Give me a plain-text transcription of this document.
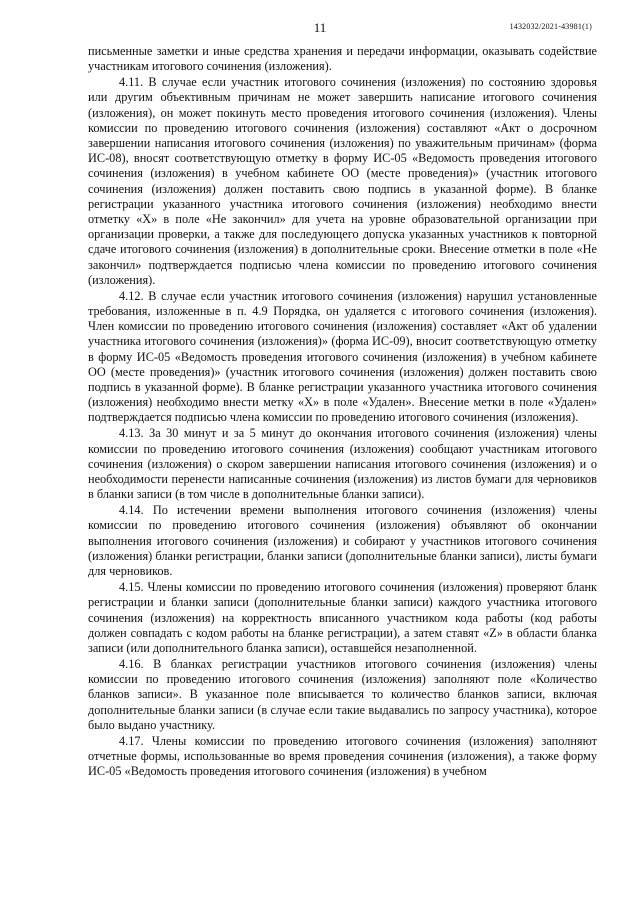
11	1432032/2021-43981(1)

письменные заметки и иные средства хранения и передачи информации, оказывать содействие участникам итогового сочинения (изложения).

4.11. В случае если участник итогового сочинения (изложения) по состоянию здоровья или другим объективным причинам не может завершить написание итогового сочинения (изложения), он может покинуть место проведения итогового сочинения (изложения). Члены комиссии по проведению итогового сочинения (изложения) составляют «Акт о досрочном завершении написания итогового сочинения (изложения) по уважительным причинам» (форма ИС-08), вносят соответствующую отметку в форму ИС-05 «Ведомость проведения итогового сочинения (изложения) в учебном кабинете ОО (месте проведения)» (участник итогового сочинения (изложения) должен поставить свою подпись в указанной форме). В бланке регистрации указанного участника итогового сочинения (изложения) необходимо внести отметку «X» в поле «Не закончил» для учета на уровне образовательной организации при организации проверки, а также для последующего допуска указанных участников к повторной сдаче итогового сочинения (изложения) в дополнительные сроки. Внесение отметки в поле «Не закончил» подтверждается подписью члена комиссии по проведению итогового сочинения (изложения).

4.12. В случае если участник итогового сочинения (изложения) нарушил установленные требования, изложенные в п. 4.9 Порядка, он удаляется с итогового сочинения (изложения). Член комиссии по проведению итогового сочинения (изложения) составляет «Акт об удалении участника итогового сочинения (изложения)» (форма ИС-09), вносит соответствующую отметку в форму ИС-05 «Ведомость проведения итогового сочинения (изложения) в учебном кабинете ОО (месте проведения)» (участник итогового сочинения (изложения) должен поставить свою подпись в указанной форме). В бланке регистрации указанного участника итогового сочинения (изложения) необходимо внести метку «X» в поле «Удален». Внесение метки в поле «Удален» подтверждается подписью члена комиссии по проведению итогового сочинения (изложения).

4.13. За 30 минут и за 5 минут до окончания итогового сочинения (изложения) члены комиссии по проведению итогового сочинения (изложения) сообщают участникам итогового сочинения (изложения) о скором завершении написания итогового сочинения (изложения) и о необходимости перенести написанные сочинения (изложения) из листов бумаги для черновиков в бланки записи (в том числе в дополнительные бланки записи).

4.14. По истечении времени выполнения итогового сочинения (изложения) члены комиссии по проведению итогового сочинения (изложения) объявляют об окончании выполнения итогового сочинения (изложения) и собирают у участников итогового сочинения (изложения) бланки регистрации, бланки записи (дополнительные бланки записи), листы бумаги для черновиков.

4.15. Члены комиссии по проведению итогового сочинения (изложения) проверяют бланк регистрации и бланки записи (дополнительные бланки записи) каждого участника итогового сочинения (изложения) на корректность вписанного участником кода работы (код работы должен совпадать с кодом работы на бланке регистрации), а затем ставят «Z» в области бланка записи (или дополнительного бланка записи), оставшейся незаполненной.

4.16. В бланках регистрации участников итогового сочинения (изложения) члены комиссии по проведению итогового сочинения (изложения) заполняют поле «Количество бланков записи». В указанное поле вписывается то количество бланков записи, включая дополнительные бланки записи (в случае если такие выдавались по запросу участника), которое было выдано участнику.

4.17. Члены комиссии по проведению итогового сочинения (изложения) заполняют отчетные формы, использованные во время проведения сочинения (изложения), а также форму ИС-05 «Ведомость проведения итогового сочинения (изложения) в учебном
